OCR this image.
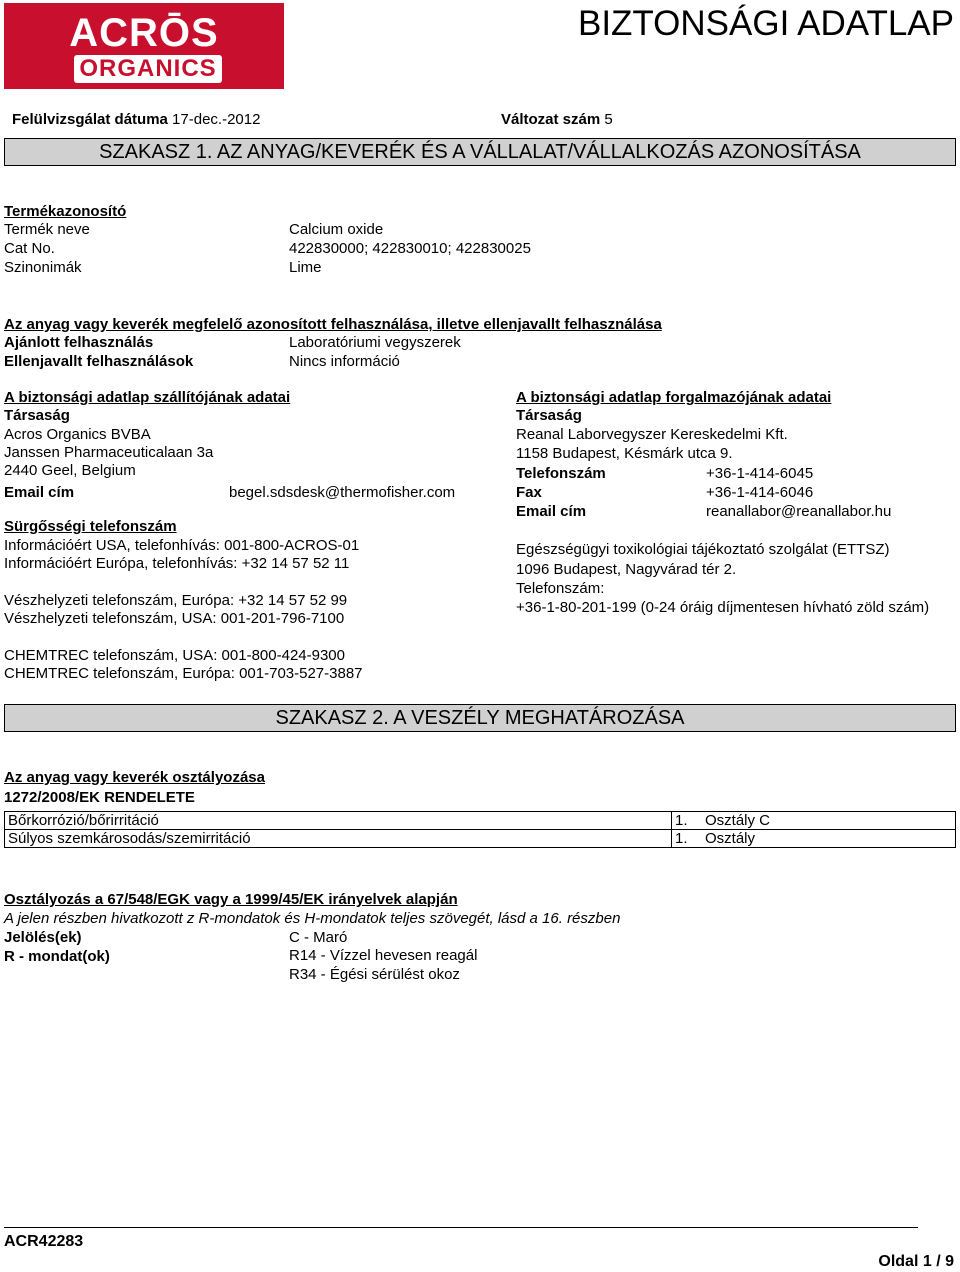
ACRŌS
ORGANICS
BIZTONSÁGI ADATLAP
Felülvizsgálat dátuma 17-dec.-2012	Változat szám 5
SZAKASZ 1. AZ ANYAG/KEVERÉK ÉS A VÁLLALAT/VÁLLALKOZÁS AZONOSÍTÁSA
Termékazonosító
Termék neve	Calcium oxide
Cat No.	422830000; 422830010; 422830025
Szinonimák	Lime
Az anyag vagy keverék megfelelő azonosított felhasználása, illetve ellenjavallt felhasználása
Ajánlott felhasználás	Laboratóriumi vegyszerek
Ellenjavallt felhasználások	Nincs információ
A biztonsági adatlap szállítójának adatai
Társaság
Acros Organics BVBA
Janssen Pharmaceuticalaan 3a
2440 Geel, Belgium
Email cím	begel.sdsdesk@thermofisher.com
Sürgősségi telefonszám
Információért USA, telefonhívás: 001-800-ACROS-01
Információért Európa, telefonhívás: +32 14 57 52 11
Vészhelyzeti telefonszám, Európa: +32 14 57 52 99
Vészhelyzeti telefonszám, USA: 001-201-796-7100
CHEMTREC telefonszám, USA: 001-800-424-9300
CHEMTREC telefonszám, Európa: 001-703-527-3887
A biztonsági adatlap forgalmazójának adatai
Társaság
Reanal Laborvegyszer Kereskedelmi Kft.
1158 Budapest, Késmárk utca 9.
Telefonszám	+36-1-414-6045
Fax	+36-1-414-6046
Email cím	reanallabor@reanallabor.hu
Egészségügyi toxikológiai tájékoztató szolgálat (ETTSZ)
1096 Budapest, Nagyvárad tér 2.
Telefonszám:
+36-1-80-201-199 (0-24 óráig díjmentesen hívható zöld szám)
SZAKASZ 2. A VESZÉLY MEGHATÁROZÁSA
Az anyag vagy keverék osztályozása
1272/2008/EK RENDELETE
Bőrkorrózió/bőrirritáció	1.	Osztály C
Súlyos szemkárosodás/szemirritáció	1.	Osztály
Osztályozás a 67/548/EGK vagy a 1999/45/EK irányelvek alapján
A jelen részben hivatkozott z R-mondatok és H-mondatok teljes szövegét, lásd a 16. részben
Jelölés(ek)	C - Maró
R - mondat(ok)	R14 - Vízzel hevesen reagál
R34 - Égési sérülést okoz
ACR42283
Oldal 1 / 9
